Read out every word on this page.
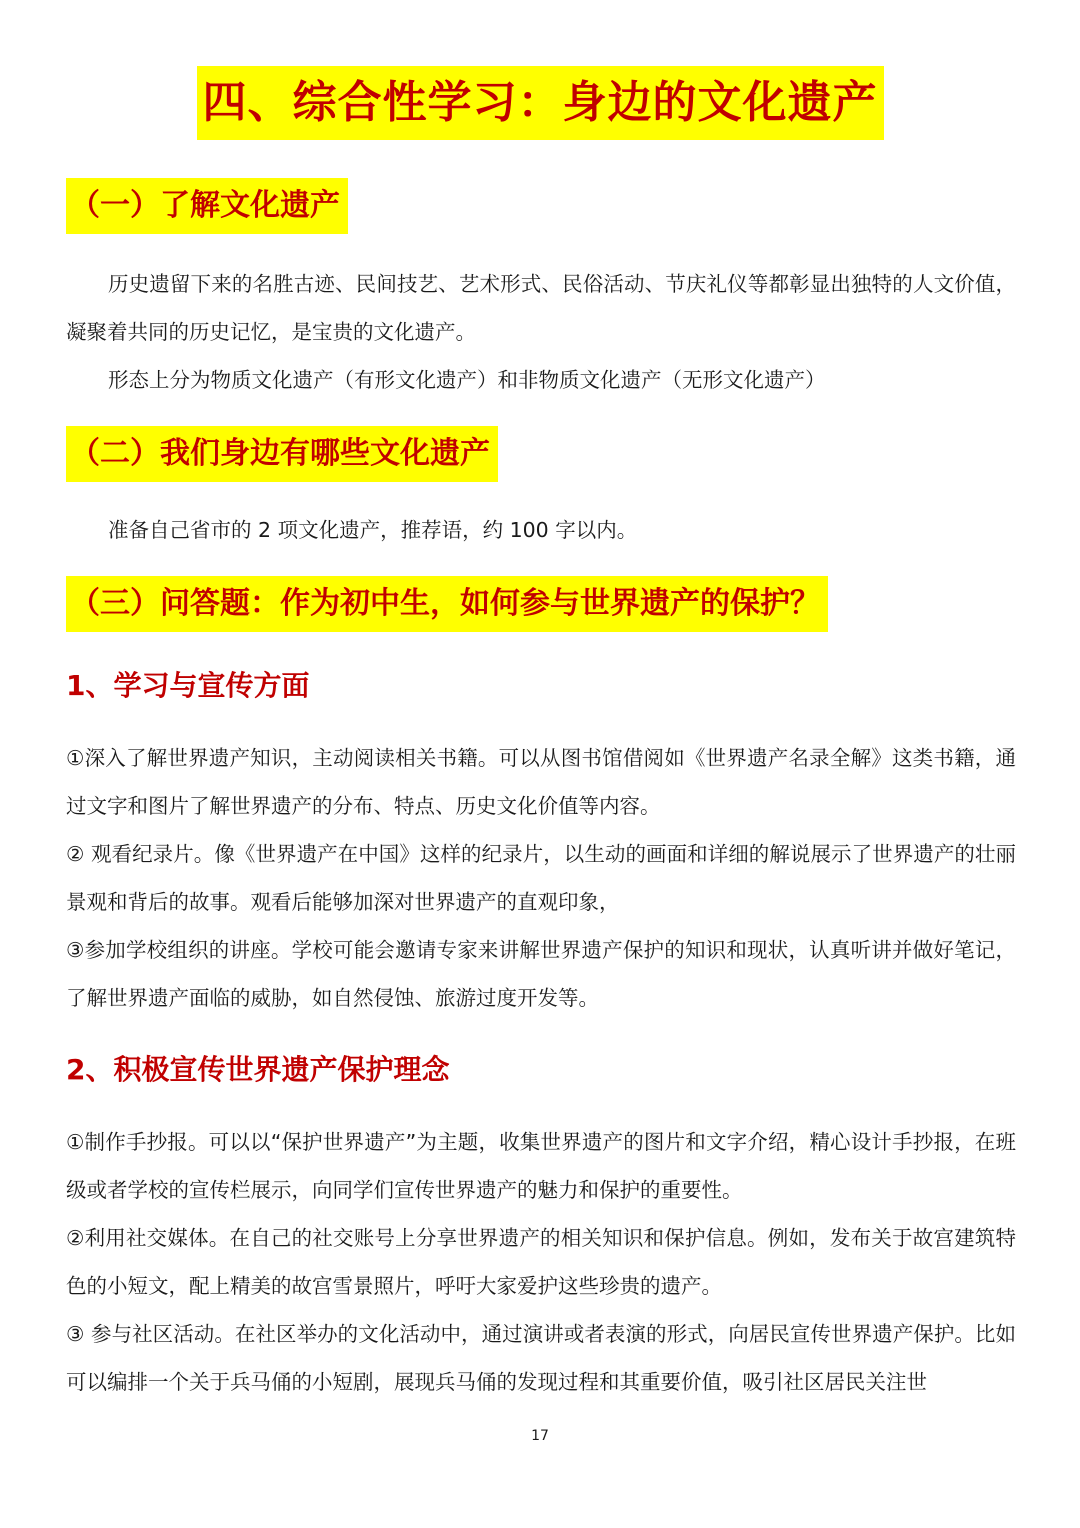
四、综合性学习：身边的文化遗产
（一）了解文化遗产
历史遗留下来的名胜古迹、民间技艺、艺术形式、民俗活动、节庆礼仪等都彰显出独特的人文价值，凝聚着共同的历史记忆，是宝贵的文化遗产。
形态上分为物质文化遗产（有形文化遗产）和非物质文化遗产（无形文化遗产）
（二）我们身边有哪些文化遗产
准备自己省市的 2 项文化遗产，推荐语，约 100 字以内。
（三）问答题：作为初中生，如何参与世界遗产的保护？
1、学习与宣传方面
①深入了解世界遗产知识，主动阅读相关书籍。可以从图书馆借阅如《世界遗产名录全解》这类书籍，通过文字和图片了解世界遗产的分布、特点、历史文化价值等内容。
② 观看纪录片。像《世界遗产在中国》这样的纪录片，以生动的画面和详细的解说展示了世界遗产的壮丽景观和背后的故事。观看后能够加深对世界遗产的直观印象，
③参加学校组织的讲座。学校可能会邀请专家来讲解世界遗产保护的知识和现状，认真听讲并做好笔记，了解世界遗产面临的威胁，如自然侵蚀、旅游过度开发等。
2、积极宣传世界遗产保护理念
①制作手抄报。可以以“保护世界遗产”为主题，收集世界遗产的图片和文字介绍，精心设计手抄报，在班级或者学校的宣传栏展示，向同学们宣传世界遗产的魅力和保护的重要性。
②利用社交媒体。在自己的社交账号上分享世界遗产的相关知识和保护信息。例如，发布关于故宫建筑特色的小短文，配上精美的故宫雪景照片，呼吁大家爱护这些珍贵的遗产。
③ 参与社区活动。在社区举办的文化活动中，通过演讲或者表演的形式，向居民宣传世界遗产保护。比如可以编排一个关于兵马俑的小短剧，展现兵马俑的发现过程和其重要价值，吸引社区居民关注世
17
